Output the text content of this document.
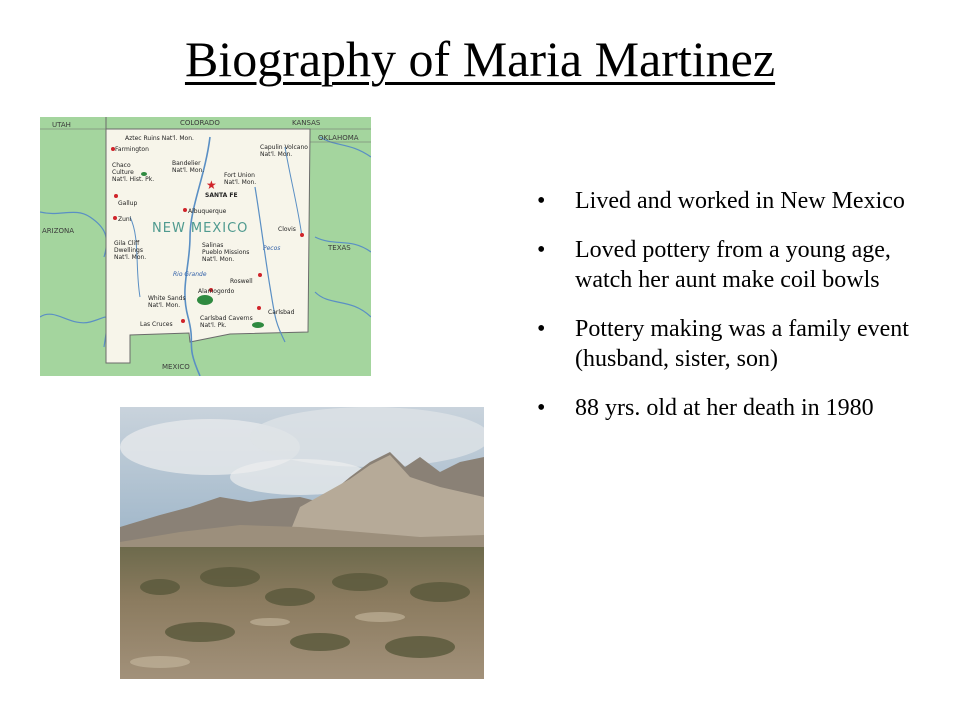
Biography of Maria Martinez
★
UTAH	COLORADO	KANSAS
OKLAHOMA
ARIZONA
TEXAS
MEXICO
Aztec Ruins Nat'l. Mon.
Farmington
Chaco
Culture
Nat'l. Hist. Pk.
Gallup
Zuni
Bandelier
Nat'l. Mon.
Capulin Volcano
Nat'l. Mon.
Fort Union
Nat'l. Mon.
SANTA FE
Albuquerque
Clovis
Gila Cliff
Dwellings
Nat'l. Mon.
Salinas
Pueblo Missions
Nat'l. Mon.
Pecos
Rio Grande
Roswell
Alamogordo
White Sands
Nat'l. Mon.
Carlsbad
Las Cruces
Carlsbad Caverns
Nat'l. Pk.
NEW MEXICO
• Lived and worked in New Mexico
• Loved pottery from a young age, watch her aunt make coil bowls
• Pottery making was a family event (husband, sister, son)
• 88 yrs. old at her death in 1980
